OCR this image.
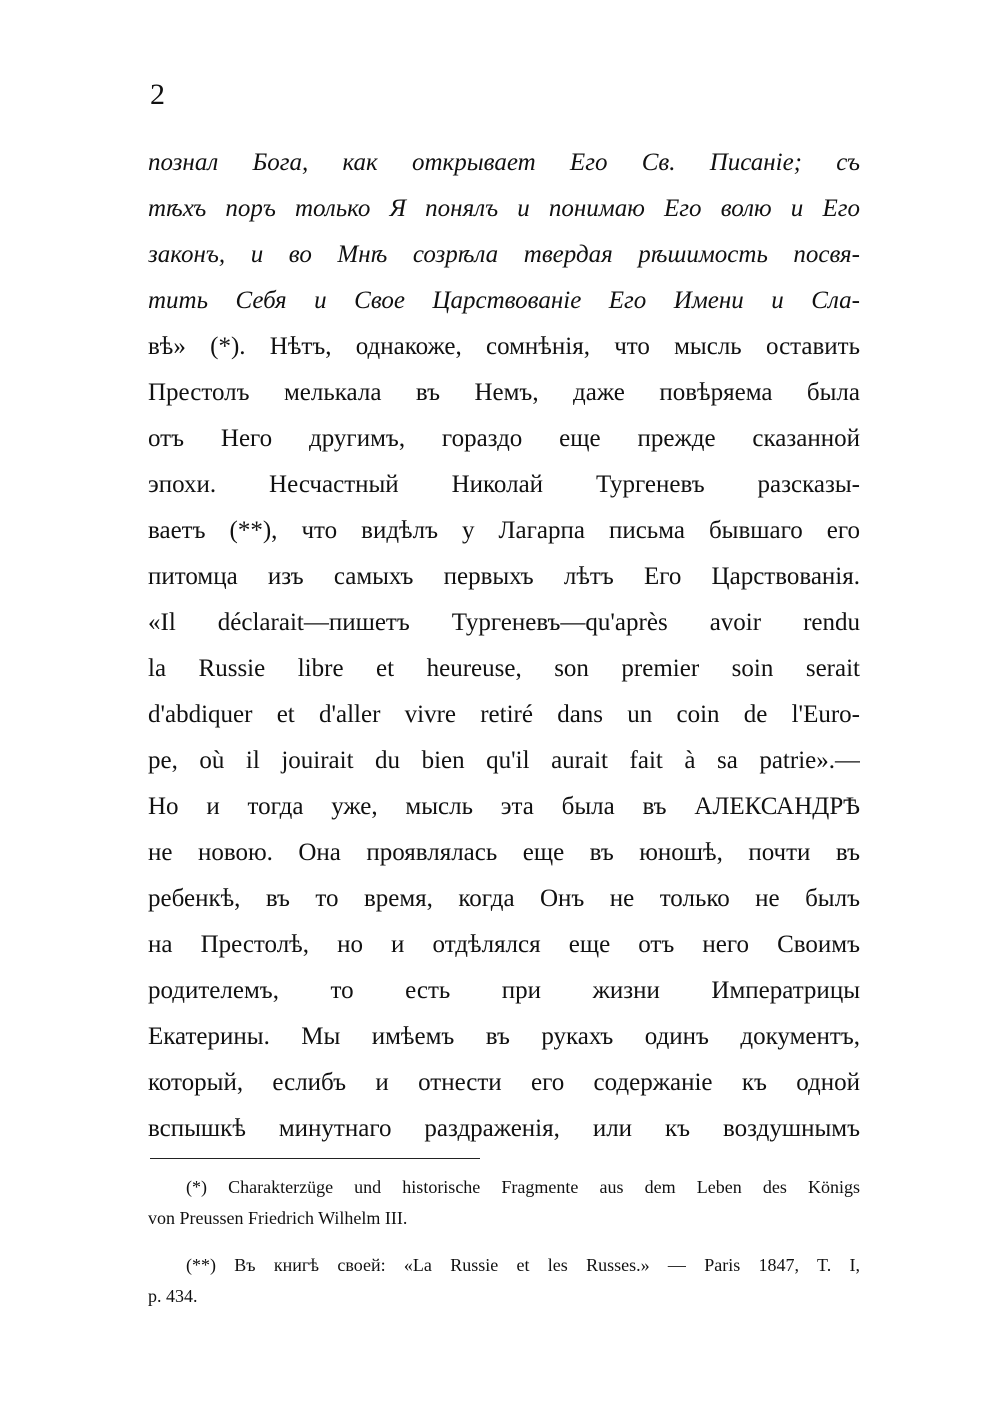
2
познал Бога, как открывает Его Св. Писаніе; съ
тѣхъ поръ только Я понялъ и понимаю Его волю и Его
законъ, и во Мнѣ созрѣла твердая рѣшимость посвя-
тить Себя и Свое Царствованіе Его Имени и Сла-
вѣ» (*). Нѣтъ, однакоже, сомнѣнія, что мысль оставить
Престолъ мелькала въ Немъ, даже повѣряема была
отъ Него другимъ, гораздо еще прежде сказанной
эпохи. Несчастный Николай Тургеневъ разсказы-
ваетъ (**), что видѣлъ у Лагарпа письма бывшаго его
питомца изъ самыхъ первыхъ лѣтъ Его Царствованія.
«Il déclarait—пишетъ Тургеневъ—qu'après avoir rendu
la Russie libre et heureuse, son premier soin serait
d'abdiquer et d'aller vivre retiré dans un coin de l'Euro-
pe, où il jouirait du bien qu'il aurait fait à sa patrie».—
Но и тогда уже, мысль эта была въ АЛЕКСАНДРѢ
не новою. Она проявлялась еще въ юношѣ, почти въ
ребенкѣ, въ то время, когда Онъ не только не былъ
на Престолѣ, но и отдѣлялся еще отъ него Своимъ
родителемъ, то есть при жизни Императрицы
Екатерины. Мы имѣемъ въ рукахъ одинъ документъ,
который, еслибъ и отнести его содержаніе къ одной
вспышкѣ минутнаго раздраженія, или къ воздушнымъ
(*) Charakterzüge und historische Fragmente aus dem Leben des Königs
von Preussen Friedrich Wilhelm III.
(**) Въ книгѣ своей: «La Russie et les Russes.» — Paris 1847, T. I,
p. 434.
